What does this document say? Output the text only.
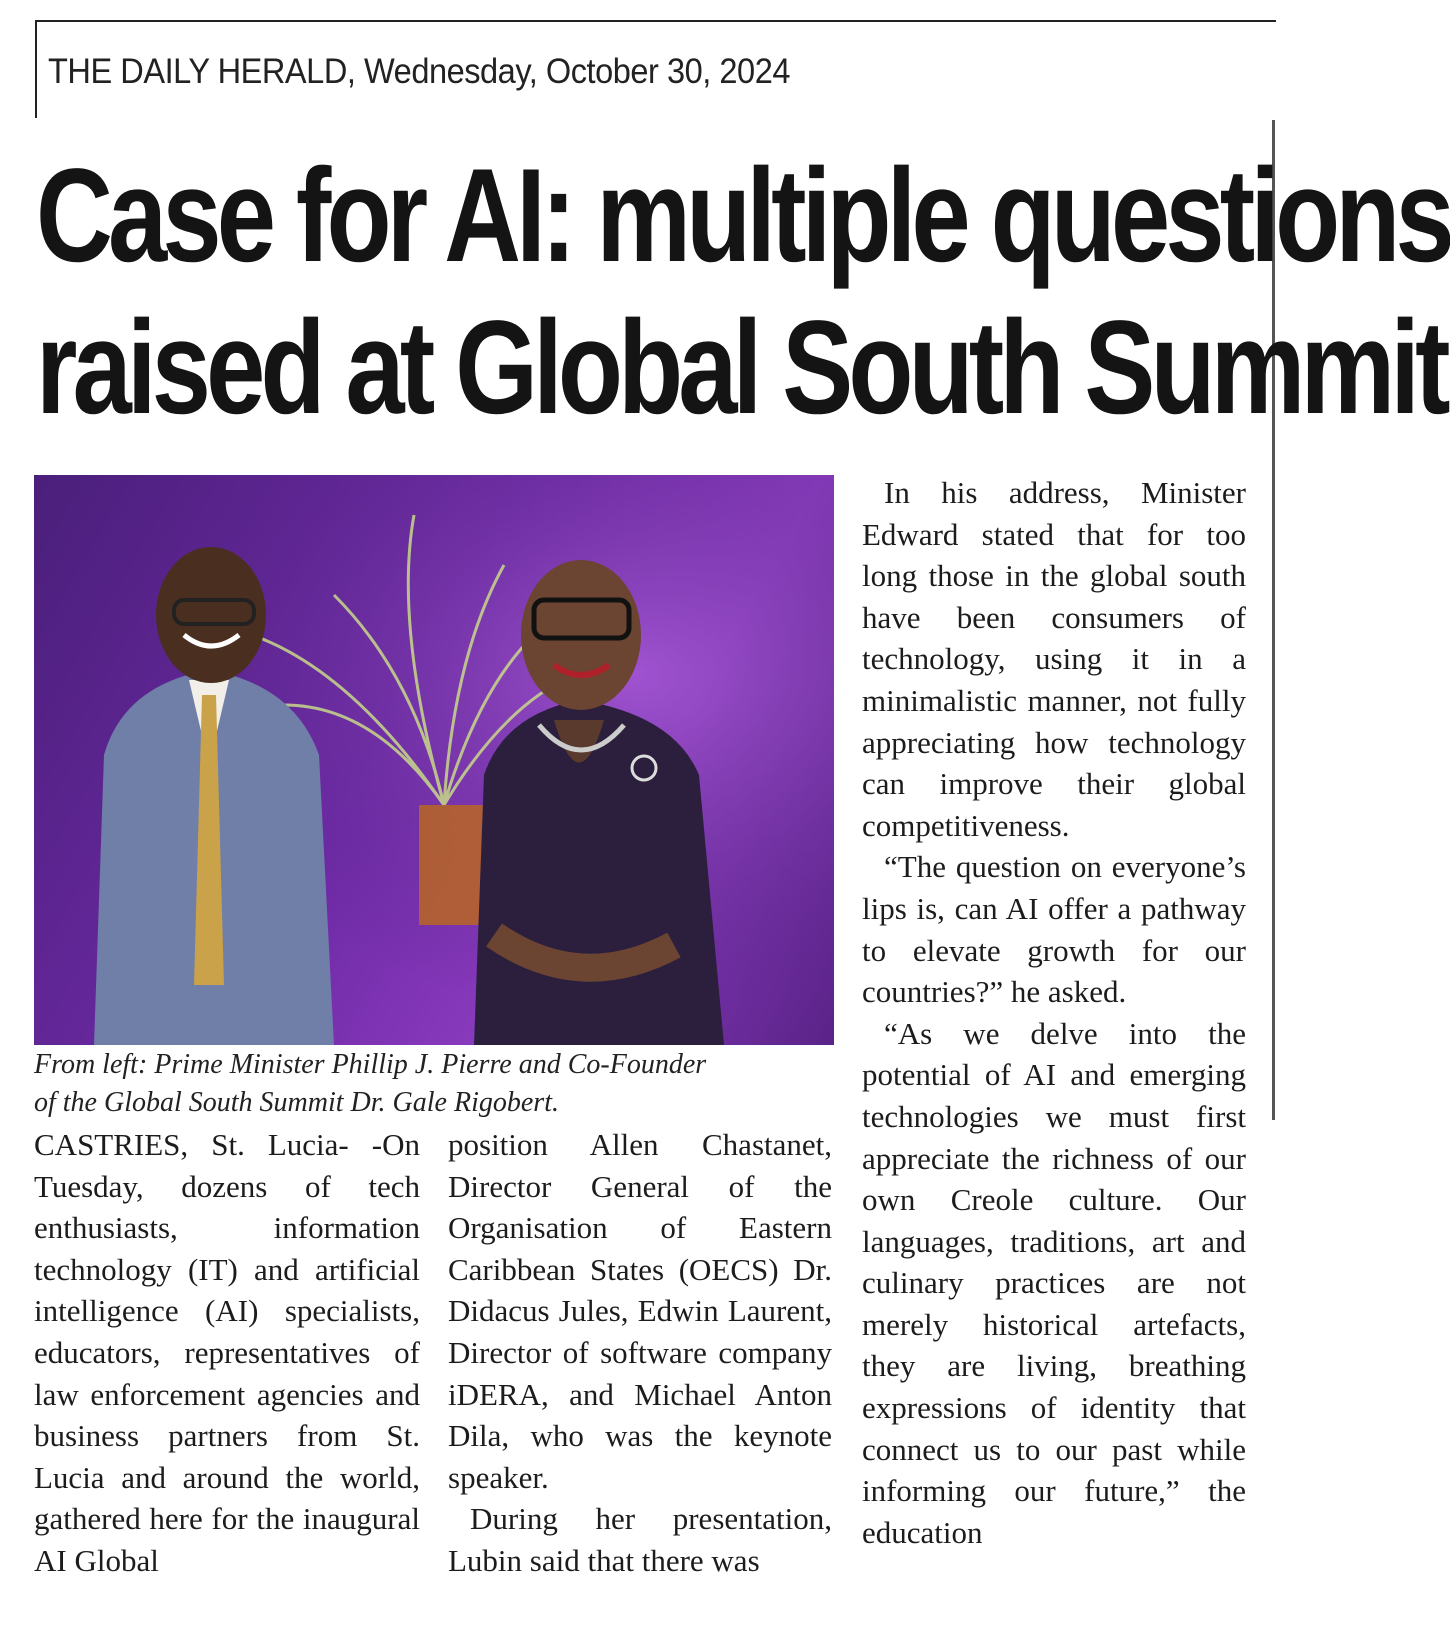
THE DAILY HERALD, Wednesday, October 30, 2024
Case for AI: multiple questions
raised at Global South Summit
From left: Prime Minister Phillip J. Pierre and Co-Founder
of the Global South Summit Dr. Gale Rigobert.

CASTRIES, St. Lucia- -On Tuesday, dozens of tech enthusiasts, information technology (IT) and artificial intelligence (AI) specialists, educators, representatives of law enforcement agencies and business partners from St. Lucia and around the world, gathered here for the inaugural AI Global

position Allen Chastanet, Director General of the Organisation of Eastern Caribbean States (OECS) Dr. Didacus Jules, Edwin Laurent, Director of software company iDERA, and Michael Anton Dila, who was the keynote speaker.

During her presentation, Lubin said that there was

In his address, Minister Edward stated that for too long those in the global south have been consumers of technology, using it in a minimalistic manner, not fully appreciating how technology can improve their global competitiveness.

“The question on everyone’s lips is, can AI offer a pathway to elevate growth for our countries?” he asked.

“As we delve into the potential of AI and emerging technologies we must first appreciate the richness of our own Creole culture. Our languages, traditions, art and culinary practices are not merely historical artefacts, they are living, breathing expressions of identity that connect us to our past while informing our future,” the education
